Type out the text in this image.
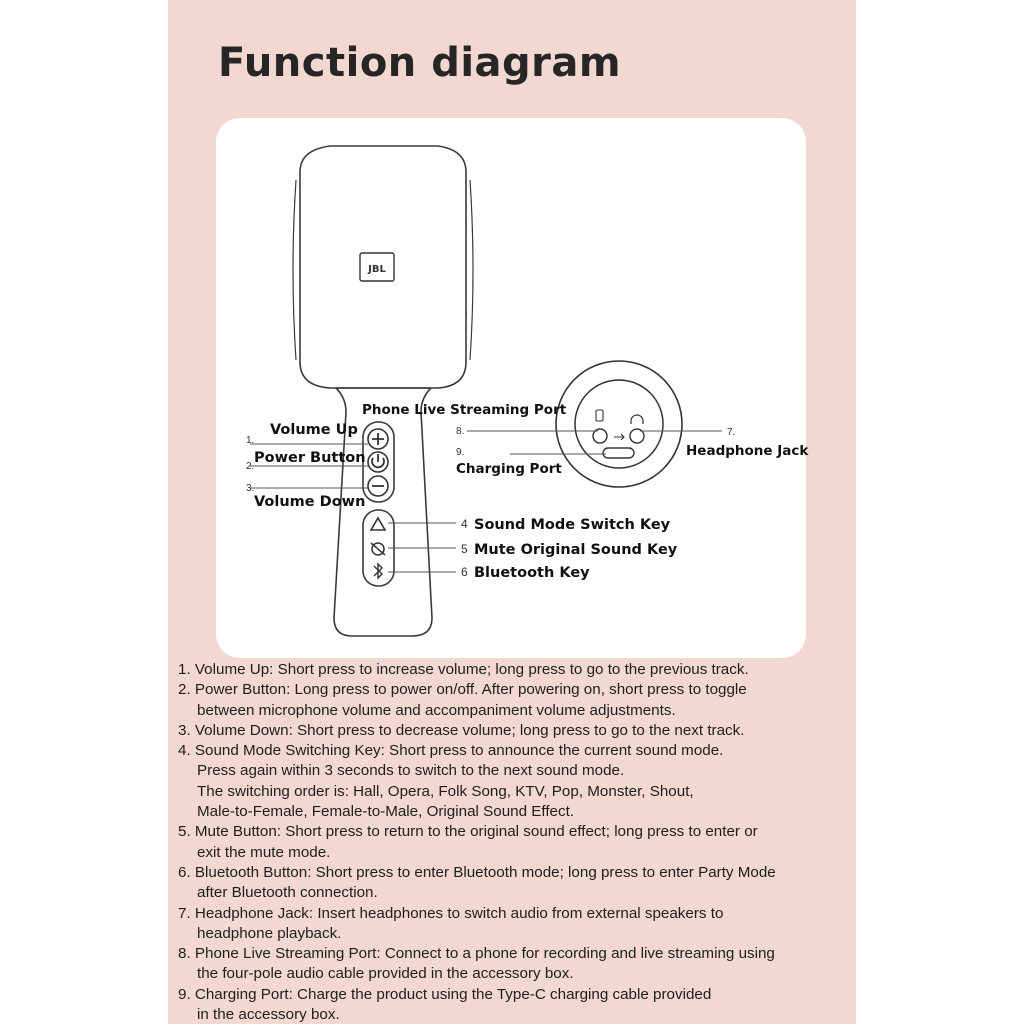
Function diagram
JBL
Phone Live Streaming Port
Volume Up
Power Button
Volume Down
Charging Port
Headphone Jack
Sound Mode Switch Key
Mute Original Sound Key
Bluetooth Key
1.
2.
3.
4
5
6
7.
8.
9.
1. Volume Up: Short press to increase volume; long press to go to the previous track.
2. Power Button: Long press to power on/off. After powering on, short press to toggle
between microphone volume and accompaniment volume adjustments.
3. Volume Down: Short press to decrease volume; long press to go to the next track.
4. Sound Mode Switching Key: Short press to announce the current sound mode.
Press again within 3 seconds to switch to the next sound mode.
The switching order is: Hall, Opera, Folk Song, KTV, Pop, Monster, Shout,
Male-to-Female, Female-to-Male, Original Sound Effect.
5. Mute Button: Short press to return to the original sound effect; long press to enter or
exit the mute mode.
6. Bluetooth Button: Short press to enter Bluetooth mode; long press to enter Party Mode
after Bluetooth connection.
7. Headphone Jack: Insert headphones to switch audio from external speakers to
headphone playback.
8. Phone Live Streaming Port: Connect to a phone for recording and live streaming using
the four-pole audio cable provided in the accessory box.
9. Charging Port: Charge the product using the Type-C charging cable provided
in the accessory box.
